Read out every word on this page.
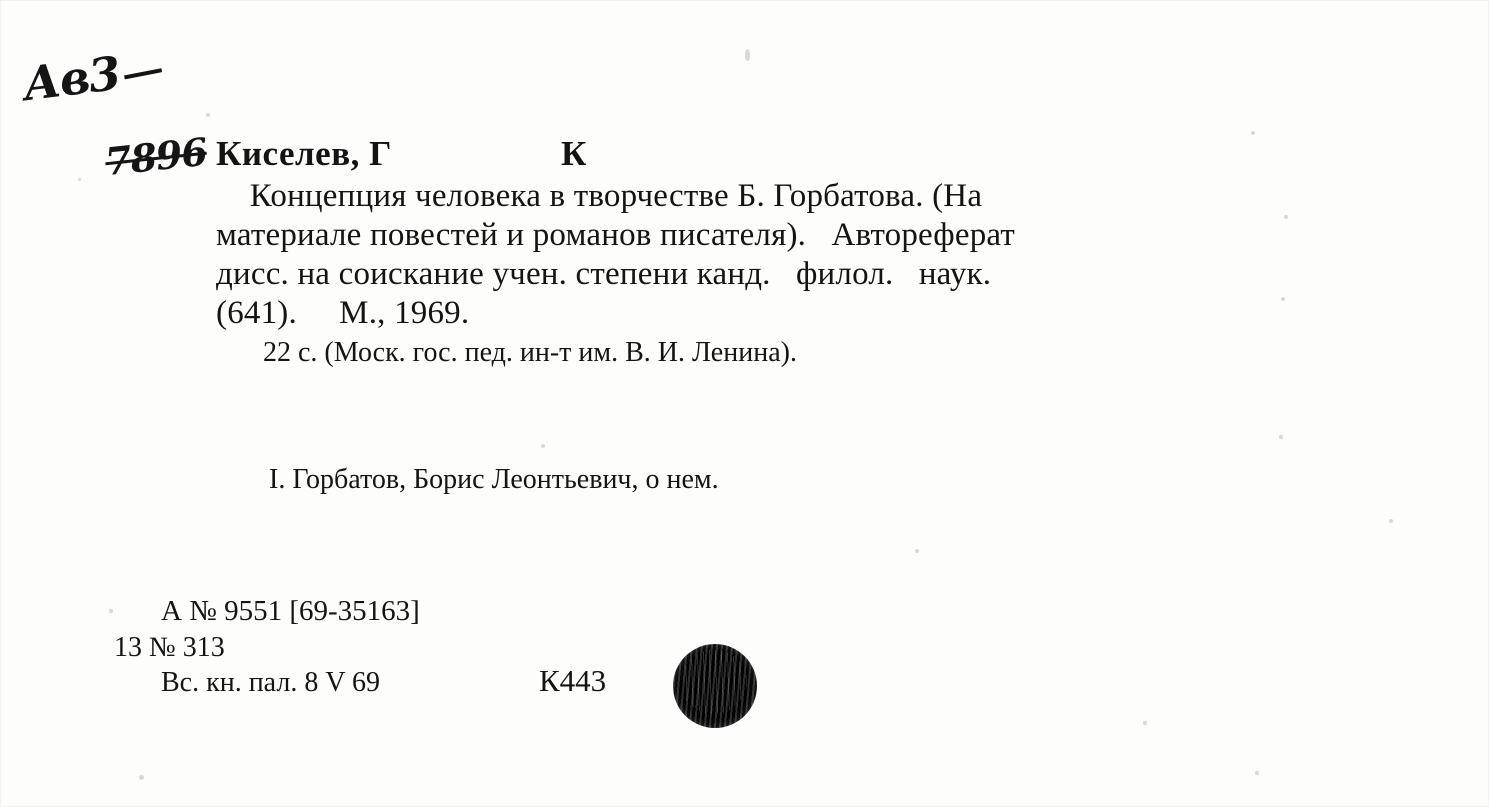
Ав3
7896 Киселев, Г	К
Концепция человека в творчестве Б. Горбатова. (На
материале повестей и романов писателя).   Автореферат
дисс. на соискание учен. степени канд.   филол.   наук.
(641).     М., 1969.
22 с. (Моск. гос. пед. ин-т им. В. И. Ленина).
I. Горбатов, Борис Леонтьевич, о нем.
А № 9551 [69-35163]
13 № 313
Вс. кн. пал. 8 V 69	К443
